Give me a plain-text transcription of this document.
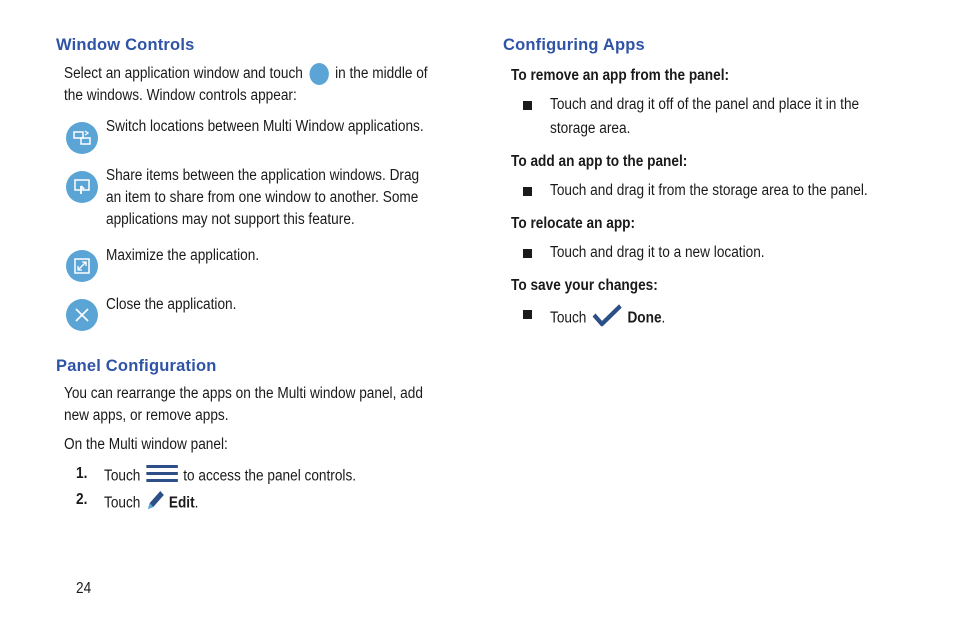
Window Controls
Select an application window and touch in the middle of
the windows. Window controls appear:
Switch locations between Multi Window applications.
Share items between the application windows. Drag
an item to share from one window to another. Some
applications may not support this feature.
Maximize the application.
Close the application.
Panel Configuration
You can rearrange the apps on the Multi window panel, add
new apps, or remove apps.
On the Multi window panel:
1. Touch	to access the panel controls.
2. Touch Edit.
24
Configuring Apps
To remove an app from the panel:
Touch and drag it off of the panel and place it in the
storage area.
To add an app to the panel:
Touch and drag it from the storage area to the panel.
To relocate an app:
Touch and drag it to a new location.
To save your changes:
Touch	Done.
